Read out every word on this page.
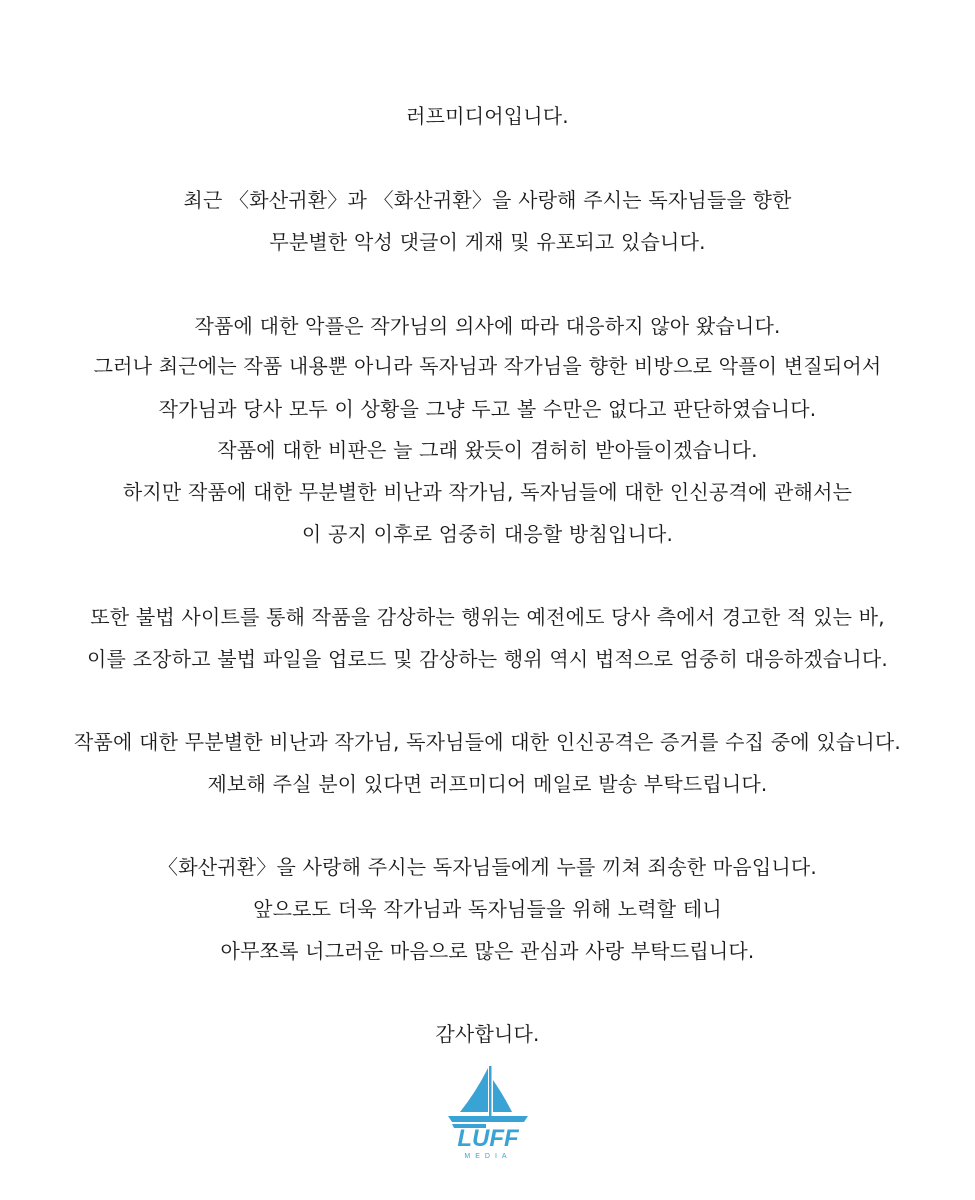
러프미디어입니다.
최근 〈화산귀환〉과 〈화산귀환〉을 사랑해 주시는 독자님들을 향한
무분별한 악성 댓글이 게재 및 유포되고 있습니다.
작품에 대한 악플은 작가님의 의사에 따라 대응하지 않아 왔습니다.
그러나 최근에는 작품 내용뿐 아니라 독자님과 작가님을 향한 비방으로 악플이 변질되어서
작가님과 당사 모두 이 상황을 그냥 두고 볼 수만은 없다고 판단하였습니다.
작품에 대한 비판은 늘 그래 왔듯이 겸허히 받아들이겠습니다.
하지만 작품에 대한 무분별한 비난과 작가님, 독자님들에 대한 인신공격에 관해서는
이 공지 이후로 엄중히 대응할 방침입니다.
또한 불법 사이트를 통해 작품을 감상하는 행위는 예전에도 당사 측에서 경고한 적 있는 바,
이를 조장하고 불법 파일을 업로드 및 감상하는 행위 역시 법적으로 엄중히 대응하겠습니다.
작품에 대한 무분별한 비난과 작가님, 독자님들에 대한 인신공격은 증거를 수집 중에 있습니다.
제보해 주실 분이 있다면 러프미디어 메일로 발송 부탁드립니다.
〈화산귀환〉을 사랑해 주시는 독자님들에게 누를 끼쳐 죄송한 마음입니다.
앞으로도 더욱 작가님과 독자님들을 위해 노력할 테니
아무쪼록 너그러운 마음으로 많은 관심과 사랑 부탁드립니다.
감사합니다.
LUFF
MEDIA
